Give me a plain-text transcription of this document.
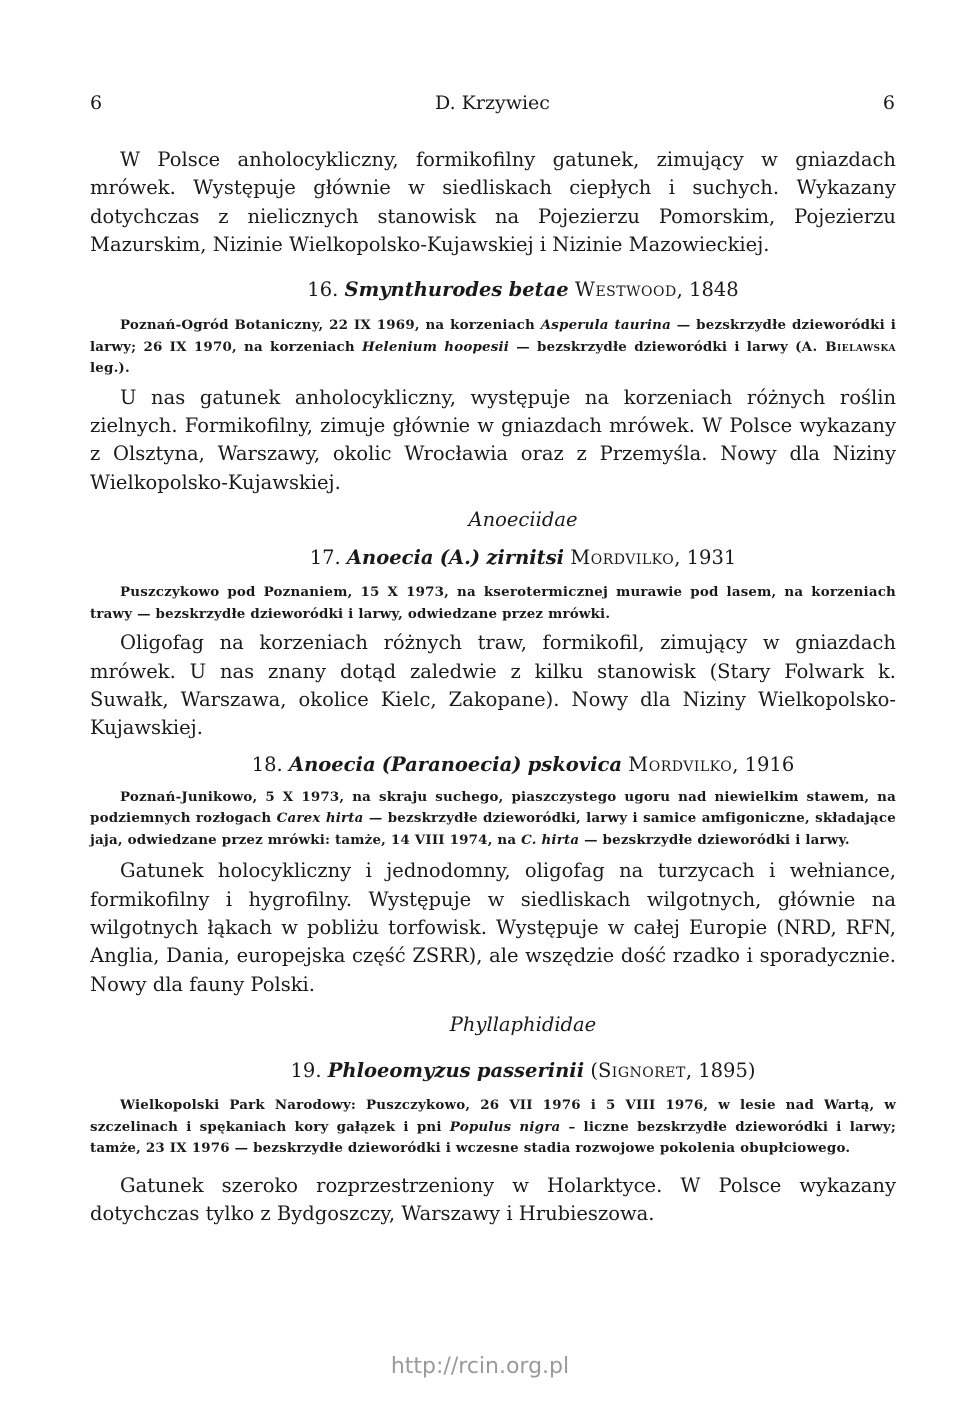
6	D. Krzywiec	6

W Polsce anholocykliczny, formikofilny gatunek, zimujący w gniazdach mrówek. Występuje głównie w siedliskach ciepłych i suchych. Wykazany dotychczas z nielicznych stanowisk na Pojezierzu Pomorskim, Pojezierzu Mazurskim, Nizinie Wielkopolsko-Kujawskiej i Nizinie Mazowieckiej.

16. Smynthurodes betae Westwood, 1848

Poznań-Ogród Botaniczny, 22 IX 1969, na korzeniach Asperula taurina — bezskrzydłe dzieworódki i larwy; 26 IX 1970, na korzeniach Helenium hoopesii — bezskrzydłe dzieworódki i larwy (A. Bielawska leg.).

U nas gatunek anholocykliczny, występuje na korzeniach różnych roślin zielnych. Formikofilny, zimuje głównie w gniazdach mrówek. W Polsce wykazany z Olsztyna, Warszawy, okolic Wrocławia oraz z Przemyśla. Nowy dla Niziny Wielkopolsko-Kujawskiej.

Anoeciidae

17. Anoecia (A.) zirnitsi Mordvilko, 1931

Puszczykowo pod Poznaniem, 15 X 1973, na kserotermicznej murawie pod lasem, na korzeniach trawy — bezskrzydłe dzieworódki i larwy, odwiedzane przez mrówki.

Oligofag na korzeniach różnych traw, formikofil, zimujący w gniazdach mrówek. U nas znany dotąd zaledwie z kilku stanowisk (Stary Folwark k. Suwałk, Warszawa, okolice Kielc, Zakopane). Nowy dla Niziny Wielkopolsko-Kujawskiej.

18. Anoecia (Paranoecia) pskovica Mordvilko, 1916

Poznań-Junikowo, 5 X 1973, na skraju suchego, piaszczystego ugoru nad niewielkim stawem, na podziemnych rozłogach Carex hirta — bezskrzydłe dzieworódki, larwy i samice amfigoniczne, składające jaja, odwiedzane przez mrówki: tamże, 14 VIII 1974, na C. hirta — bezskrzydłe dzieworódki i larwy.

Gatunek holocykliczny i jednodomny, oligofag na turzycach i wełniance, formikofilny i hygrofilny. Występuje w siedliskach wilgotnych, głównie na wilgotnych łąkach w pobliżu torfowisk. Występuje w całej Europie (NRD, RFN, Anglia, Dania, europejska część ZSRR), ale wszędzie dość rzadko i sporadycznie. Nowy dla fauny Polski.

Phyllaphididae

19. Phloeomyzus passerinii (Signoret, 1895)

Wielkopolski Park Narodowy: Puszczykowo, 26 VII 1976 i 5 VIII 1976, w lesie nad Wartą, w szczelinach i spękaniach kory gałązek i pni Populus nigra – liczne bezskrzydłe dzieworódki i larwy; tamże, 23 IX 1976 — bezskrzydłe dzieworódki i wczesne stadia rozwojowe pokolenia obupłciowego.

Gatunek szeroko rozprzestrzeniony w Holarktyce. W Polsce wykazany dotychczas tylko z Bydgoszczy, Warszawy i Hrubieszowa.

http://rcin.org.pl
